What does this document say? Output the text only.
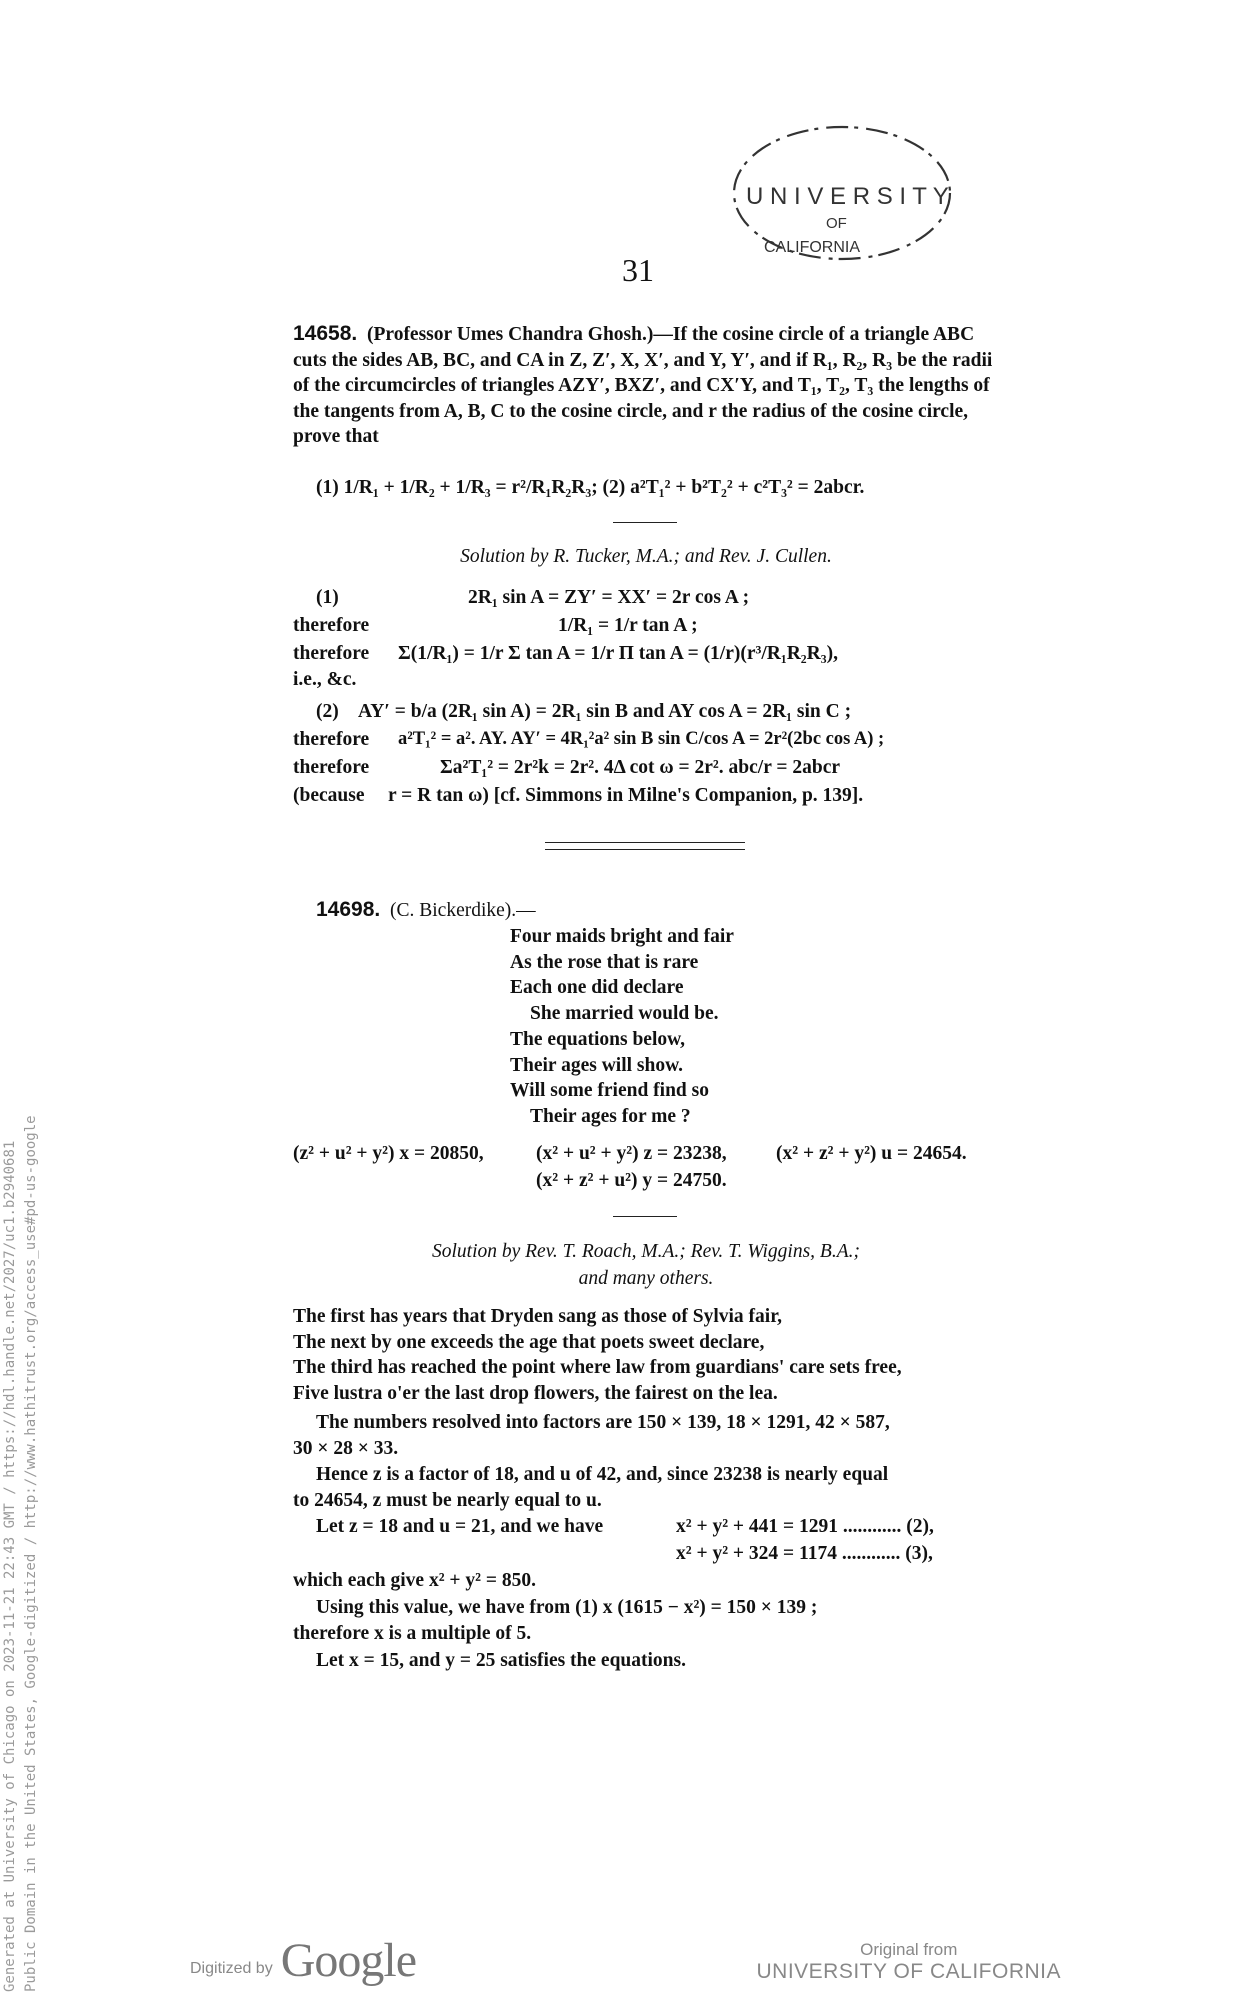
U N I V E R S I T Y
OF
CALIFORNIA
31
14658. (Professor Umes Chandra Ghosh.)—If the cosine circle of a triangle ABC cuts the sides AB, BC, and CA in Z, Z′, X, X′, and Y, Y′, and if R₁, R₂, R₃ be the radii of the circumcircles of triangles AZY′, BXZ′, and CX′Y, and T₁, T₂, T₃ the lengths of the tangents from A, B, C to the cosine circle, and r the radius of the cosine circle, prove that
(1) 1/R₁ + 1/R₂ + 1/R₃ = r²/R₁R₂R₃; (2) a²T₁² + b²T₂² + c²T₃² = 2abcr.
Solution by R. Tucker, M.A.; and Rev. J. Cullen.
(1)	2R₁ sin A = ZY′ = XX′ = 2r cos A ;
therefore	1/R₁ = 1/r tan A ;
therefore Σ(1/R₁) = 1/r Σ tan A = 1/r Π tan A = (1/r)(r³/R₁R₂R₃),
i.e., &c.
(2) AY′ = b/a (2R₁ sin A) = 2R₁ sin B and AY cos A = 2R₁ sin C ;
therefore a²T₁² = a². AY. AY′ = 4R₁²a² sin B sin C/cos A = 2r²(2bc cos A) ;
therefore	Σa²T₁² = 2r²k = 2r². 4Δ cot ω = 2r². abc/r = 2abcr
(because r = R tan ω) [cf. Simmons in Milne's Companion, p. 139].
14698. (C. Bickerdike).—
Four maids bright and fair
As the rose that is rare
Each one did declare
She married would be.
The equations below,
Their ages will show.
Will some friend find so
Their ages for me ?
(z² + u² + y²) x = 20850,	(x² + u² + y²) z = 23238,	(x² + z² + y²) u = 24654.
(x² + z² + u²) y = 24750.
Solution by Rev. T. Roach, M.A.; Rev. T. Wiggins, B.A.;
and many others.
The first has years that Dryden sang as those of Sylvia fair,
The next by one exceeds the age that poets sweet declare,
The third has reached the point where law from guardians' care sets free,
Five lustra o'er the last drop flowers, the fairest on the lea.
The numbers resolved into factors are 150 × 139, 18 × 1291, 42 × 587,
30 × 28 × 33.
Hence z is a factor of 18, and u of 42, and, since 23238 is nearly equal
to 24654, z must be nearly equal to u.
Let z = 18 and u = 21, and we have	x² + y² + 441 = 1291 ............ (2),
x² + y² + 324 = 1174 ............ (3),
which each give x² + y² = 850.
Using this value, we have from (1) x (1615 − x²) = 150 × 139 ;
therefore x is a multiple of 5.
Let x = 15, and y = 25 satisfies the equations.
Generated at University of Chicago on 2023-11-21 22:43 GMT / https://hdl.handle.net/2027/uc1.b2940681 Public Domain in the United States, Google-digitized / http://www.hathitrust.org/access_use#pd-us-google	Digitized by Google	Original from
UNIVERSITY OF CALIFORNIA
